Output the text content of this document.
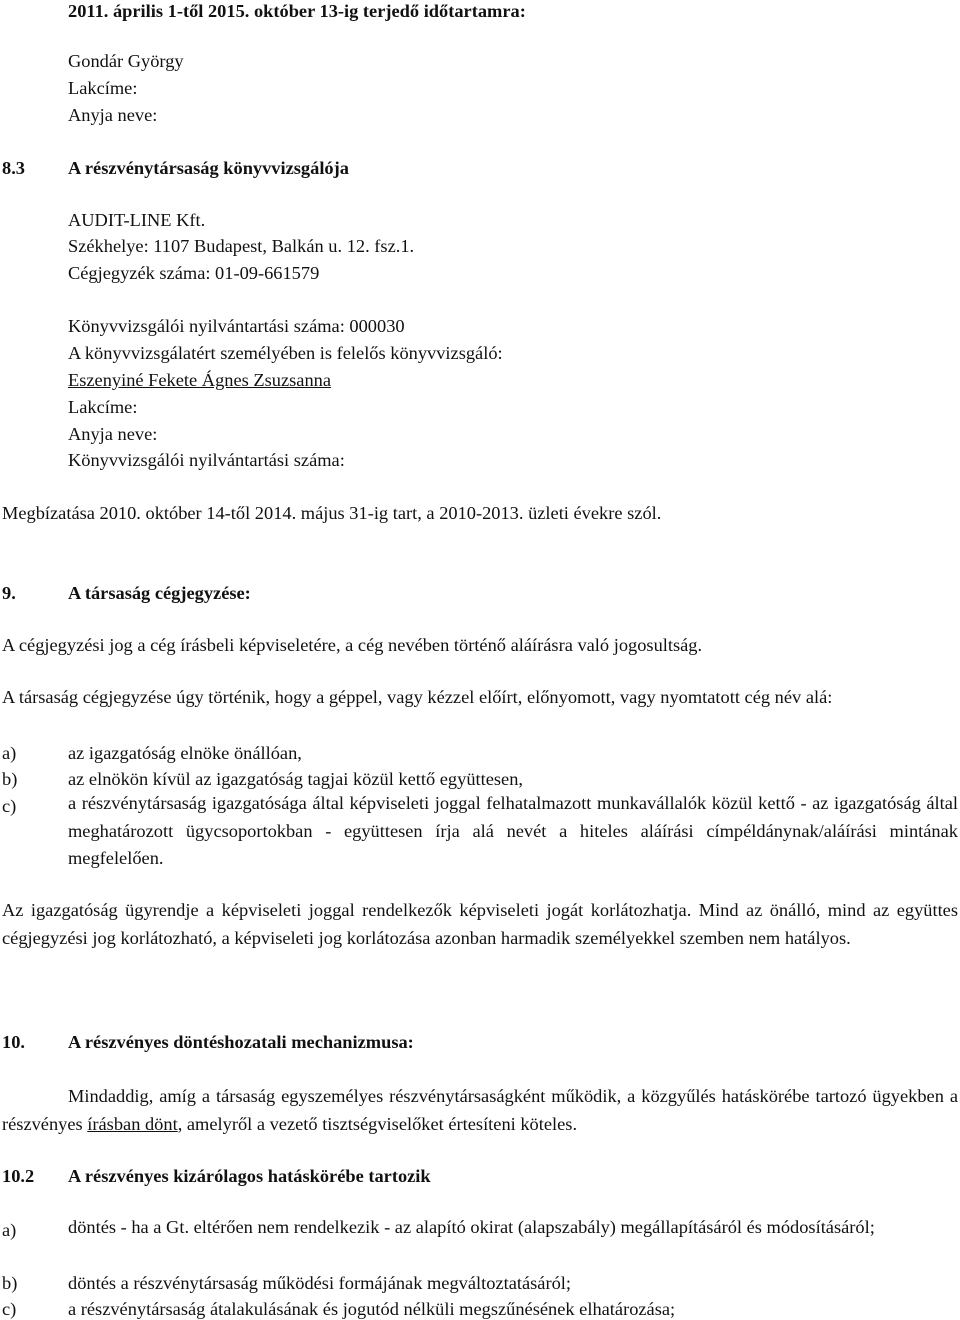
2011. április 1-től 2015. október 13-ig terjedő időtartamra:
Gondár György
Lakcíme:
Anyja neve:
8.3 A részvénytársaság könyvvizsgálója
AUDIT-LINE Kft.
Székhelye: 1107 Budapest, Balkán u. 12. fsz.1.
Cégjegyzék száma: 01-09-661579
Könyvvizsgálói nyilvántartási száma: 000030
A könyvvizsgálatért személyében is felelős könyvvizsgáló:
Eszenyiné Fekete Ágnes Zsuzsanna
Lakcíme:
Anyja neve:
Könyvvizsgálói nyilvántartási száma:
Megbízatása 2010. október 14-től 2014. május 31-ig tart, a 2010-2013. üzleti évekre szól.
9.	A társaság cégjegyzése:
A cégjegyzési jog a cég írásbeli képviseletére, a cég nevében történő aláírásra való jogosultság.
A társaság cégjegyzése úgy történik, hogy a géppel, vagy kézzel előírt, előnyomott, vagy nyomtatott cég név alá:
a)	az igazgatóság elnöke önállóan,
b)	az elnökön kívül az igazgatóság tagjai közül kettő együttesen,
c)	a részvénytársaság igazgatósága által képviseleti joggal felhatalmazott munkavállalók közül kettő - az igazgatóság által meghatározott ügycsoportokban - együttesen írja alá nevét a hiteles aláírási címpéldánynak/aláírási mintának megfelelően.
Az igazgatóság ügyrendje a képviseleti joggal rendelkezők képviseleti jogát korlátozhatja. Mind az önálló, mind az együttes cégjegyzési jog korlátozható, a képviseleti jog korlátozása azonban harmadik személyekkel szemben nem hatályos.
10. A részvényes döntéshozatali mechanizmusa:
Mindaddig, amíg a társaság egyszemélyes részvénytársaságként működik, a közgyűlés hatáskörébe tartozó ügyekben a részvényes írásban dönt, amelyről a vezető tisztségviselőket értesíteni köteles.
10.2 A részvényes kizárólagos hatáskörébe tartozik
a)	döntés - ha a Gt. eltérően nem rendelkezik - az alapító okirat (alapszabály) megállapításáról és módosításáról;
b)	döntés a részvénytársaság működési formájának megváltoztatásáról;
c)	a részvénytársaság átalakulásának és jogutód nélküli megszűnésének elhatározása;
